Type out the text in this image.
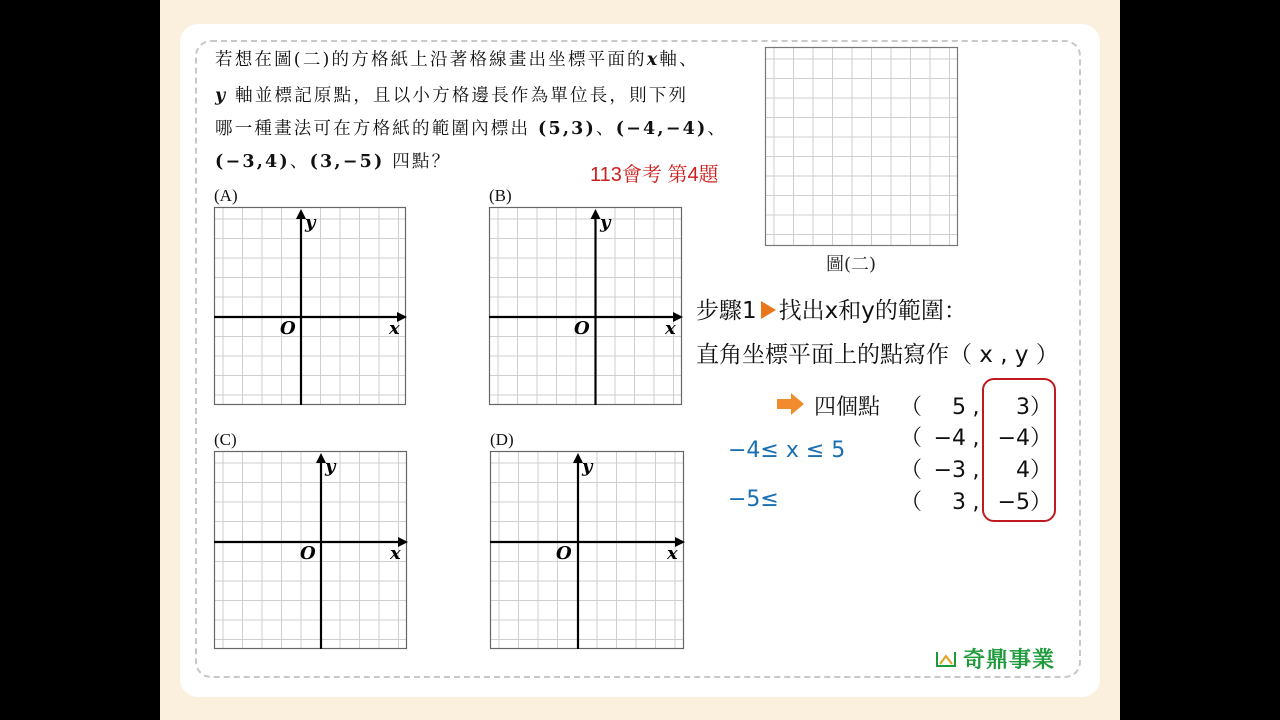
若想在圖(二)的方格紙上沿著格線畫出坐標平面的x軸、
y 軸並標記原點，且以小方格邊長作為單位長，則下列
哪一種畫法可在方格紙的範圍內標出 (5,3)、(−4,−4)、
(−3,4)、(3,−5) 四點？
113會考 第4題
圖(二)
(A)
y
x
O
(B)
y
x
O
(C)
y
x
O
(D)
y
x
O
步驟1 找出x和y的範圍：
直角坐標平面上的點寫作（ x , y ）
四個點 （ 5 , 3）
（ −4 , −4）
（ −3 , 4）
（ 3 , −5）
−4≤ x ≤ 5
−5≤
奇鼎事業
